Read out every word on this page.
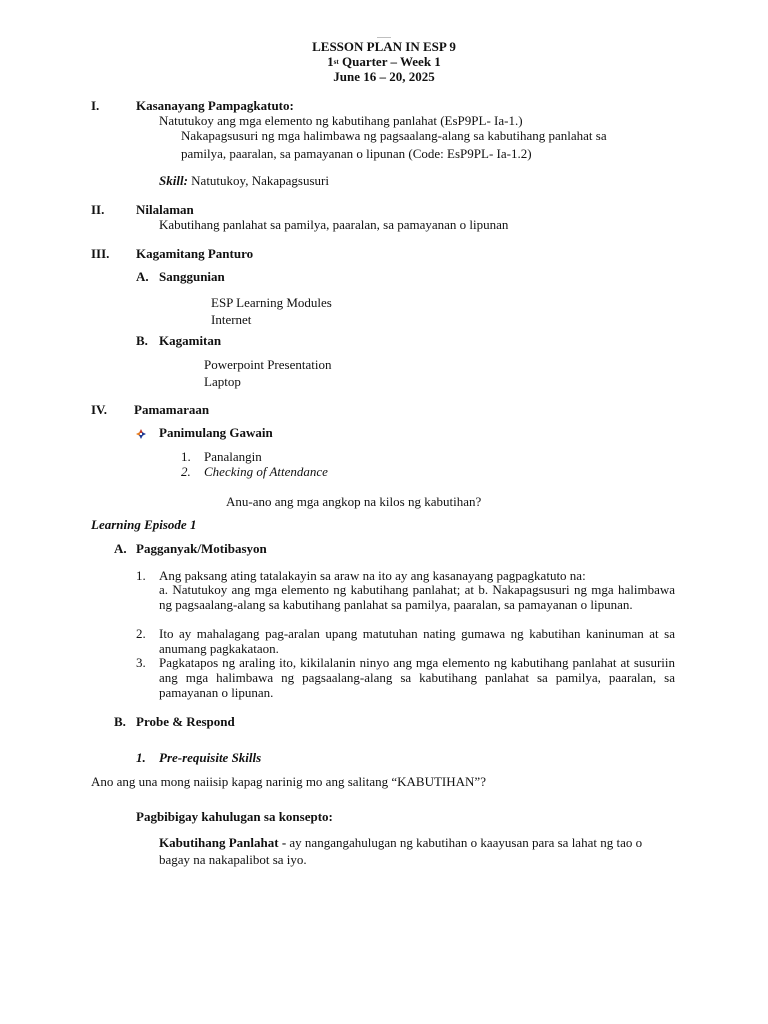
LESSON PLAN IN ESP 9
1st Quarter – Week 1
June 16 – 20, 2025
I.	Kasanayang Pampagkatuto:
Natutukoy ang mga elemento ng kabutihang panlahat (EsP9PL- Ia-1.)
Nakapagsusuri ng mga halimbawa ng pagsaalang-alang sa kabutihang panlahat sa
pamilya, paaralan, sa pamayanan o lipunan (Code: EsP9PL- Ia-1.2)
Skill: Natutukoy, Nakapagsusuri
II. Nilalaman
Kabutihang panlahat sa pamilya, paaralan, sa pamayanan o lipunan
III. Kagamitang Panturo
A. Sanggunian
ESP Learning Modules
Internet
B. Kagamitan
Powerpoint Presentation
Laptop
IV. Pamamaraan
Panimulang Gawain
1. Panalangin
2. Checking of Attendance
Anu-ano ang mga angkop na kilos ng kabutihan?
Learning Episode 1
A. Pagganyak/Motibasyon
1. Ang paksang ating tatalakayin sa araw na ito ay ang kasanayang pagpagkatuto na:
a. Natutukoy ang mga elemento ng kabutihang panlahat; at b. Nakapagsusuri ng mga halimbawa ng pagsaalang-alang sa kabutihang panlahat sa pamilya, paaralan, sa pamayanan o lipunan.
2. Ito ay mahalagang pag-aralan upang matutuhan nating gumawa ng kabutihan kaninuman at sa anumang pagkakataon.
3. Pagkatapos ng araling ito, kikilalanin ninyo ang mga elemento ng kabutihang panlahat at susuriin ang mga halimbawa ng pagsaalang-alang sa kabutihang panlahat sa pamilya, paaralan, sa pamayanan o lipunan.
B. Probe & Respond
1. Pre-requisite Skills
Ano ang una mong naiisip kapag narinig mo ang salitang “KABUTIHAN”?
Pagbibigay kahulugan sa konsepto:
Kabutihang Panlahat - ay nangangahulugan ng kabutihan o kaayusan para sa lahat ng tao o bagay na nakapalibot sa iyo.
